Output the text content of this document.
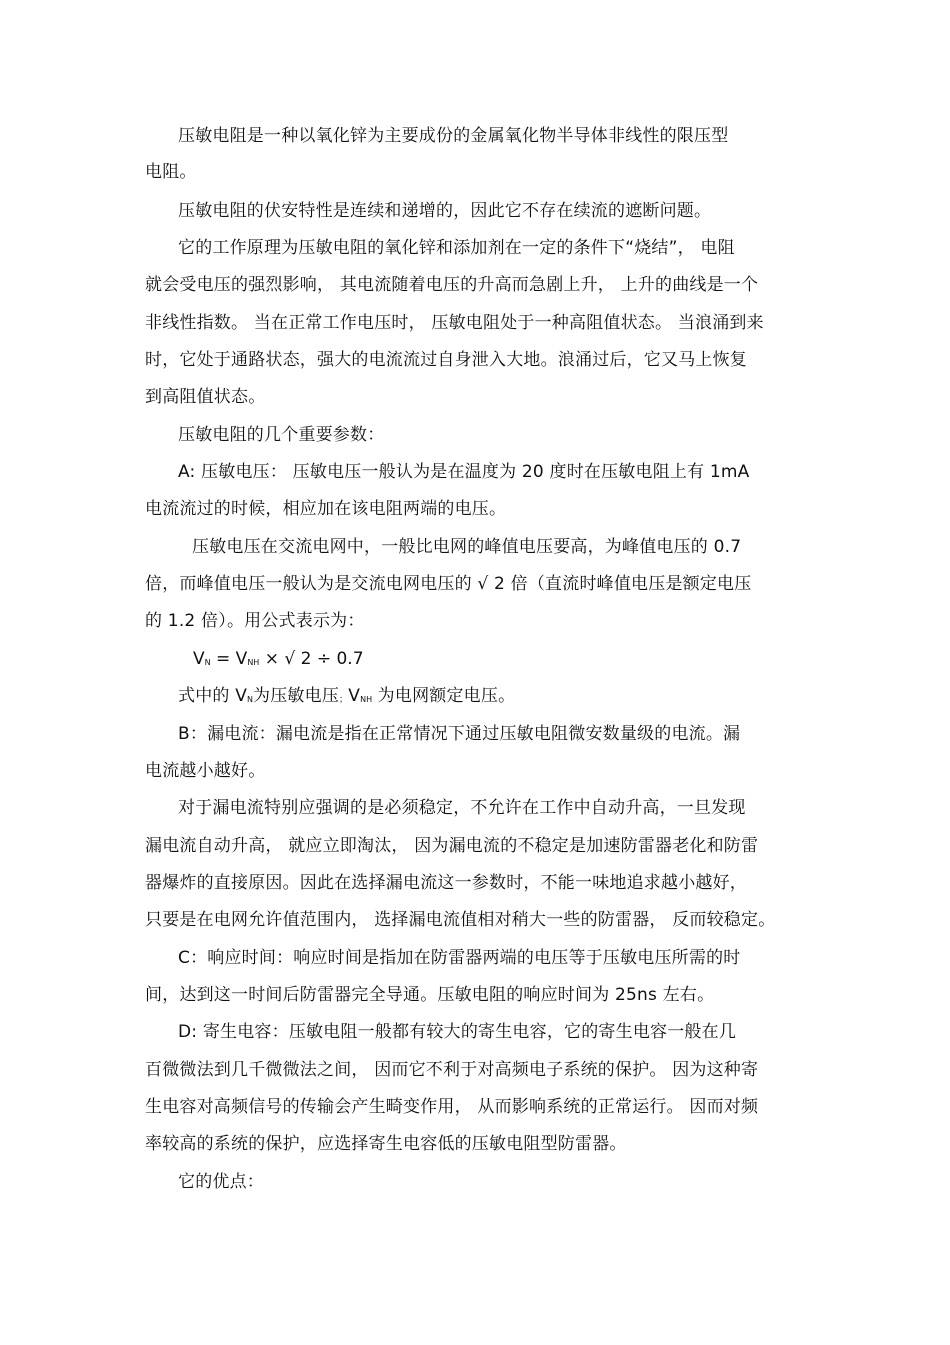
压敏电阻是一种以氧化锌为主要成份的金属氧化物半导体非线性的限压型
电阻。
压敏电阻的伏安特性是连续和递增的，因此它不存在续流的遮断问题。
它的工作原理为压敏电阻的氧化锌和添加剂在一定的条件下“烧结”， 电阻
就会受电压的强烈影响， 其电流随着电压的升高而急剧上升， 上升的曲线是一个
非线性指数。 当在正常工作电压时， 压敏电阻处于一种高阻值状态。 当浪涌到来
时，它处于通路状态，强大的电流流过自身泄入大地。浪涌过后，它又马上恢复
到高阻值状态。
压敏电阻的几个重要参数：
A: 压敏电压： 压敏电压一般认为是在温度为 20 度时在压敏电阻上有 1mA
电流流过的时候，相应加在该电阻两端的电压。
压敏电压在交流电网中，一般比电网的峰值电压要高，为峰值电压的 0.7
倍，而峰值电压一般认为是交流电网电压的 √ 2 倍（直流时峰值电压是额定电压
的 1.2 倍）。用公式表示为：
VN = VNH × √ 2 ÷ 0.7
式中的 VN为压敏电压；VNH 为电网额定电压。
B：漏电流：漏电流是指在正常情况下通过压敏电阻微安数量级的电流。漏
电流越小越好。
对于漏电流特别应强调的是必须稳定，不允许在工作中自动升高，一旦发现
漏电流自动升高， 就应立即淘汰， 因为漏电流的不稳定是加速防雷器老化和防雷
器爆炸的直接原因。因此在选择漏电流这一参数时，不能一味地追求越小越好，
只要是在电网允许值范围内， 选择漏电流值相对稍大一些的防雷器， 反而较稳定。
C：响应时间：响应时间是指加在防雷器两端的电压等于压敏电压所需的时
间，达到这一时间后防雷器完全导通。压敏电阻的响应时间为 25ns 左右。
D: 寄生电容：压敏电阻一般都有较大的寄生电容，它的寄生电容一般在几
百微微法到几千微微法之间， 因而它不利于对高频电子系统的保护。 因为这种寄
生电容对高频信号的传输会产生畸变作用， 从而影响系统的正常运行。 因而对频
率较高的系统的保护，应选择寄生电容低的压敏电阻型防雷器。
它的优点：
